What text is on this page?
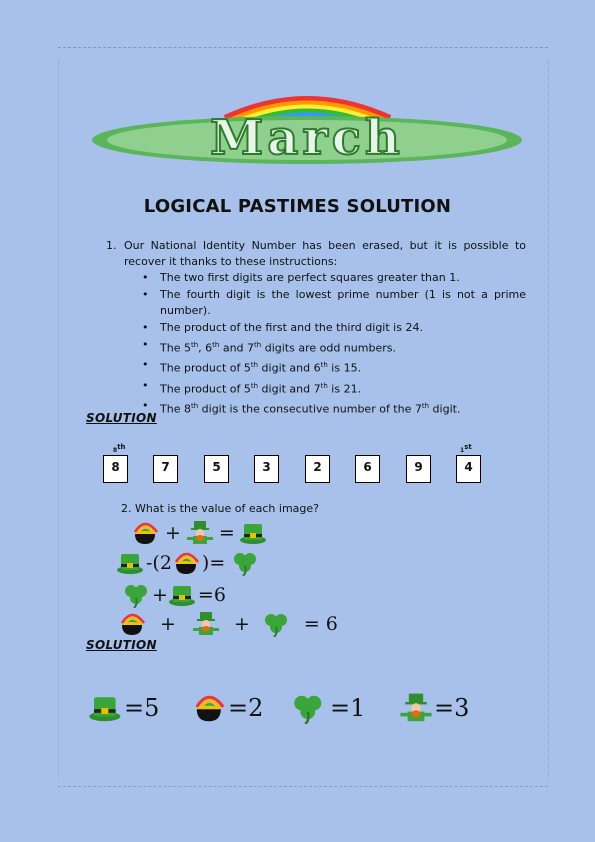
March
LOGICAL PASTIMES SOLUTION
1. Our National Identity Number has been erased, but it is possible to recover it thanks to these instructions:
• The two first digits are perfect squares greater than 1.
• The fourth digit is the lowest prime number (1 is not a prime number).
• The product of the first and the third digit is 24.
• The 5th, 6th and 7th digits are odd numbers.
• The product of 5th digit and 6th is 15.
• The product of 5th digit and 7th is 21.
• The 8th digit is the consecutive number of the 7th digit.
SOLUTION
8th	1st
8	7	5	3	2	6	9	4
2. What is the value of each image?
+ =
-(2 )=
+ =6
+	+	= 6
SOLUTION
=5	=2	=1	=3
